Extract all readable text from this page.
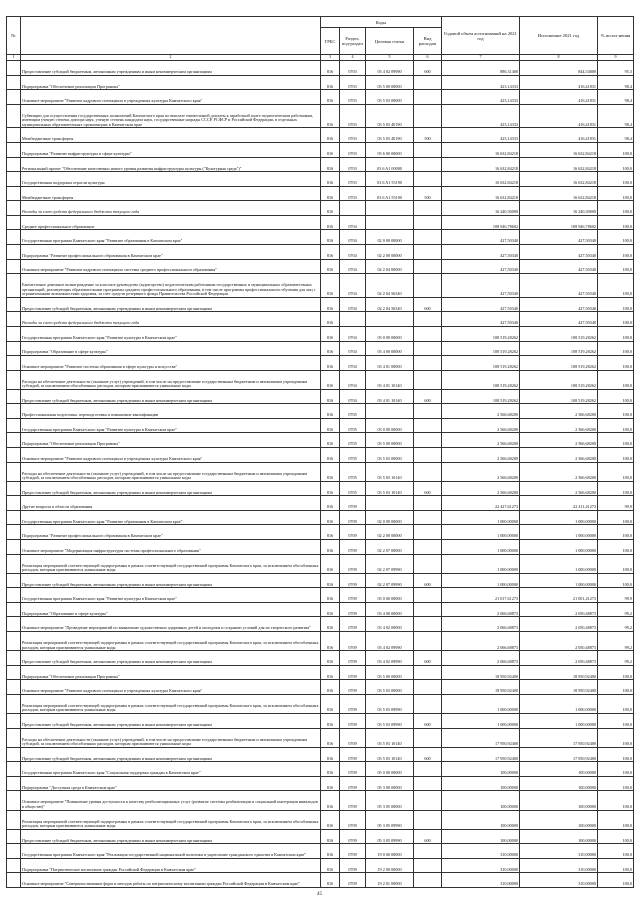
№		Коды				Годовой объем ассигнований на 2021 год	Исполнение 2021 год	% испол-нения
		ГРБС	Раздел, под-раздел	Целевая статья	Вид расходов			
1	2	3	4	5	6	7	8	9
	Предоставление субсидий бюджетным, автономным учреждениям и иным некоммерческим организациям	816	0703	03 4 02 09990	600	886,31400	844,54800	95,3
	Подпрограмма "Обеспечение реализации Программы"	816	0703	03 5 00 00000		423,14333	416,41831	98,4
	Основное мероприятие "Развитие кадрового потенциала в учреждениях культуры Камчатского края"	816	0703	03 5 03 00000		423,14333	416,41831	98,4
	Субвенции для осуществления государственных полномочий Камчатского края по выплате ежемесячной доплаты к заработной плате педагогическим работникам, имеющим ученую степень доктора наук, ученую степень кандидата наук, государственные награды СССР, РСФСР и Российской Федерации, в отдельных муниципальных образовательных организациях в Камчатском крае	816	0703	03 5 03 40190		423,14333	416,41831	98,4
	Межбюджетные трансферты	816	0703	03 5 03 40190	500	423,14333	416,41831	98,4
	Подпрограмма "Развитие инфраструктуры в сфере культуры"	816	0703	03 6 00 00000		16 632,84218	16 632,84218	100,0
	Региональный проект "Обеспечение качественно нового уровня развития инфраструктуры культуры ("Культурная среда")"	816	0703	03 6 A1 00000		16 632,84218	16 632,84218	100,0
	Государственная поддержка отрасли культуры	816	0703	03 6 A1 55190		16 632,84218	16 632,84218	100,0
	Межбюджетные трансферты	816	0703	03 6 A1 55190	500	16 632,84218	16 632,84218	100,0
	Расходы за счет средств федерального бюджета текущего года	816				16 240,30000	16 240,30000	100,0
	Среднее профессиональное образование	816	0704			108 946,78602	108 946,78602	100,0
	Государственная программа Камчатского края "Развитие образования в Камчатском крае"	816	0704	02 0 00 00000		427,50340	427,50340	100,0
	Подпрограмма "Развитие профессионального образования в Камчатском крае"	816	0704	02 2 00 00000		427,50340	427,50340	100,0
	Основное мероприятие "Развитие кадрового потенциала системы среднего профессионального образования"	816	0704	02 2 04 00000		427,50340	427,50340	100,0
	Ежемесячное денежное вознаграждение за классное руководство (кураторство) педагогическим работникам государственных и муниципальных образовательных организаций, реализующих образовательные программы среднего профессионального образования, в том числе программы профессионального обучения для лиц с ограниченными возможностями здоровья, за счет средств резервного фонда Правительства Российской Федерации	816	0704	02 2 04 56340		427,50340	427,50340	100,0
	Предоставление субсидий бюджетным, автономным учреждениям и иным некоммерческим организациям	816	0704	02 2 04 56340	600	427,50340	427,50340	100,0
	Расходы за счет средств федерального бюджета текущего года	816				427,50340	427,50340	100,0
	Государственная программа Камчатского края "Развитие культуры в Камчатском крае"	816	0704	03 0 00 00000		108 519,28262	108 519,28262	100,0
	Подпрограмма "Образование в сфере культуры"	816	0704	03 4 00 00000		108 519,28262	108 519,28262	100,0
	Основное мероприятие "Развитие системы образования в сфере культуры и искусства"	816	0704	03 4 01 00000		108 519,28262	108 519,28262	100,0
	Расходы на обеспечение деятельности (оказание услуг) учреждений, в том числе на предоставление государственным бюджетным и автономным учреждениям субсидий, за исключением обособленных расходов, которым присваиваются уникальные коды	816	0704	03 4 01 10140		108 519,28262	108 519,28262	100,0
	Предоставление субсидий бюджетным, автономным учреждениям и иным некоммерческим организациям	816	0704	03 4 01 10140	600	108 519,28262	108 519,28262	100,0
	Профессиональная подготовка, переподготовка и повышение квалификации	816	0705			2 566,68200	2 566,68200	100,0
	Государственная программа Камчатского края "Развитие культуры в Камчатском крае"	816	0705	03 0 00 00000		2 566,68200	2 566,68200	100,0
	Подпрограмма "Обеспечение реализации Программы"	816	0705	03 5 00 00000		2 566,68200	2 566,68200	100,0
	Основное мероприятие "Развитие кадрового потенциала в учреждениях культуры Камчатского края"	816	0705	03 5 03 00000		2 566,68200	2 566,68200	100,0
	Расходы на обеспечение деятельности (оказание услуг) учреждений, в том числе на предоставление государственным бюджетным и автономным учреждениям субсидий, за исключением обособленных расходов, которым присваиваются уникальные коды	816	0705	03 5 03 10140		2 566,68200	2 566,68200	100,0
	Предоставление субсидий бюджетным, автономным учреждениям и иным некоммерческим организациям	816	0705	03 5 03 10140	600	2 566,68200	2 566,68200	100,0
	Другие вопросы в области образования	816	0709			22 427,61273	22 411,41273	99,9
	Государственная программа Камчатского края "Развитие образования в Камчатском крае"	816	0709	02 0 00 00000		1 000,00000	1 000,00000	100,0
	Подпрограмма "Развитие профессионального образования в Камчатском крае"	816	0709	02 2 00 00000		1 000,00000	1 000,00000	100,0
	Основное мероприятие "Модернизация инфраструктуры системы профессионального образования"	816	0709	02 2 07 00000		1 000,00000	1 000,00000	100,0
	Реализация мероприятий соответствующей подпрограммы в рамках соответствующей государственной программы Камчатского края, за исключением обособленных расходов, которым присваиваются уникальные коды	816	0709	02 2 07 09990		1 000,00000	1 000,00000	100,0
	Предоставление субсидий бюджетным, автономным учреждениям и иным некоммерческим организациям	816	0709	02 2 07 09990	600	1 000,00000	1 000,00000	100,0
	Государственная программа Камчатского края "Развитие культуры в Камчатском крае"	816	0709	03 0 00 00000		21 017,61273	21 001,41273	99,9
	Подпрограмма "Образование в сфере культуры"	816	0709	03 4 00 00000		2 066,68873	2 050,48873	99,2
	Основное мероприятие "Проведение мероприятий по выявлению художественно одаренных детей и молодежи и созданию условий для их творческого развития"	816	0709	03 4 02 00000		2 066,68873	2 050,48873	99,2
	Реализация мероприятий соответствующей подпрограммы в рамках соответствующей государственной программы Камчатского края, за исключением обособленных расходов, которым присваиваются уникальные коды	816	0709	03 4 02 09990		2 066,68873	2 050,48873	99,2
	Предоставление субсидий бюджетным, автономным учреждениям и иным некоммерческим организациям	816	0709	03 4 02 09990	600	2 066,68873	2 050,48873	99,2
	Подпрограмма "Обеспечение реализации Программы"	816	0709	03 5 00 00000		18 950,92400	18 950,92400	100,0
	Основное мероприятие "Развитие кадрового потенциала в учреждениях культуры Камчатского края"	816	0709	03 5 03 00000		18 950,92400	18 950,92400	100,0
	Реализация мероприятий соответствующей подпрограммы в рамках соответствующей государственной программы Камчатского края, за исключением обособленных расходов, которым присваиваются уникальные коды	816	0709	03 5 03 09990		1 000,00000	1 000,00000	100,0
	Предоставление субсидий бюджетным, автономным учреждениям и иным некоммерческим организациям	816	0709	03 5 03 09990	600	1 000,00000	1 000,00000	100,0
	Расходы на обеспечение деятельности (оказание услуг) учреждений, в том числе на предоставление государственным бюджетным и автономным учреждениям субсидий, за исключением обособленных расходов, которым присваиваются уникальные коды	816	0709	03 5 03 10140		17 950,92400	17 950,92400	100,0
	Предоставление субсидий бюджетным, автономным учреждениям и иным некоммерческим организациям	816	0709	03 5 03 10140	600	17 950,92400	17 950,92400	100,0
	Государственная программа Камчатского края "Социальная поддержка граждан в Камчатском крае"	816	0709	05 0 00 00000		100,00000	100,00000	100,0
	Подпрограмма "Доступная среда в Камчатском крае"	816	0709	05 3 00 00000		100,00000	100,00000	100,0
	Основное мероприятие "Повышение уровня доступности к качеству реабилитационных услуг (развитие системы реабилитации и социальной интеграции инвалидов в обществе)"	816	0709	05 3 05 00000		100,00000	100,00000	100,0
	Реализация мероприятий соответствующей подпрограммы в рамках соответствующей государственной программы Камчатского края, за исключением обособленных расходов, которым присваиваются уникальные коды	816	0709	05 3 05 09990		100,00000	100,00000	100,0
	Предоставление субсидий бюджетным, автономным учреждениям и иным некоммерческим организациям	816	0709	05 3 05 09990	600	100,00000	100,00000	100,0
	Государственная программа Камчатского края "Реализация государственной национальной политики и укрепление гражданского единства в Камчатском крае"	816	0709	19 0 00 00000		310,00000	310,00000	100,0
	Подпрограмма "Патриотическое воспитание граждан Российской Федерации в Камчатском крае"	816	0709	19 2 00 00000		310,00000	310,00000	100,0
	Основное мероприятие "Совершенствование форм и методов работы по патриотическому воспитанию граждан Российской Федерации в Камчатском крае"	816	0709	19 2 01 00000		310,00000	310,00000	100,0
45
